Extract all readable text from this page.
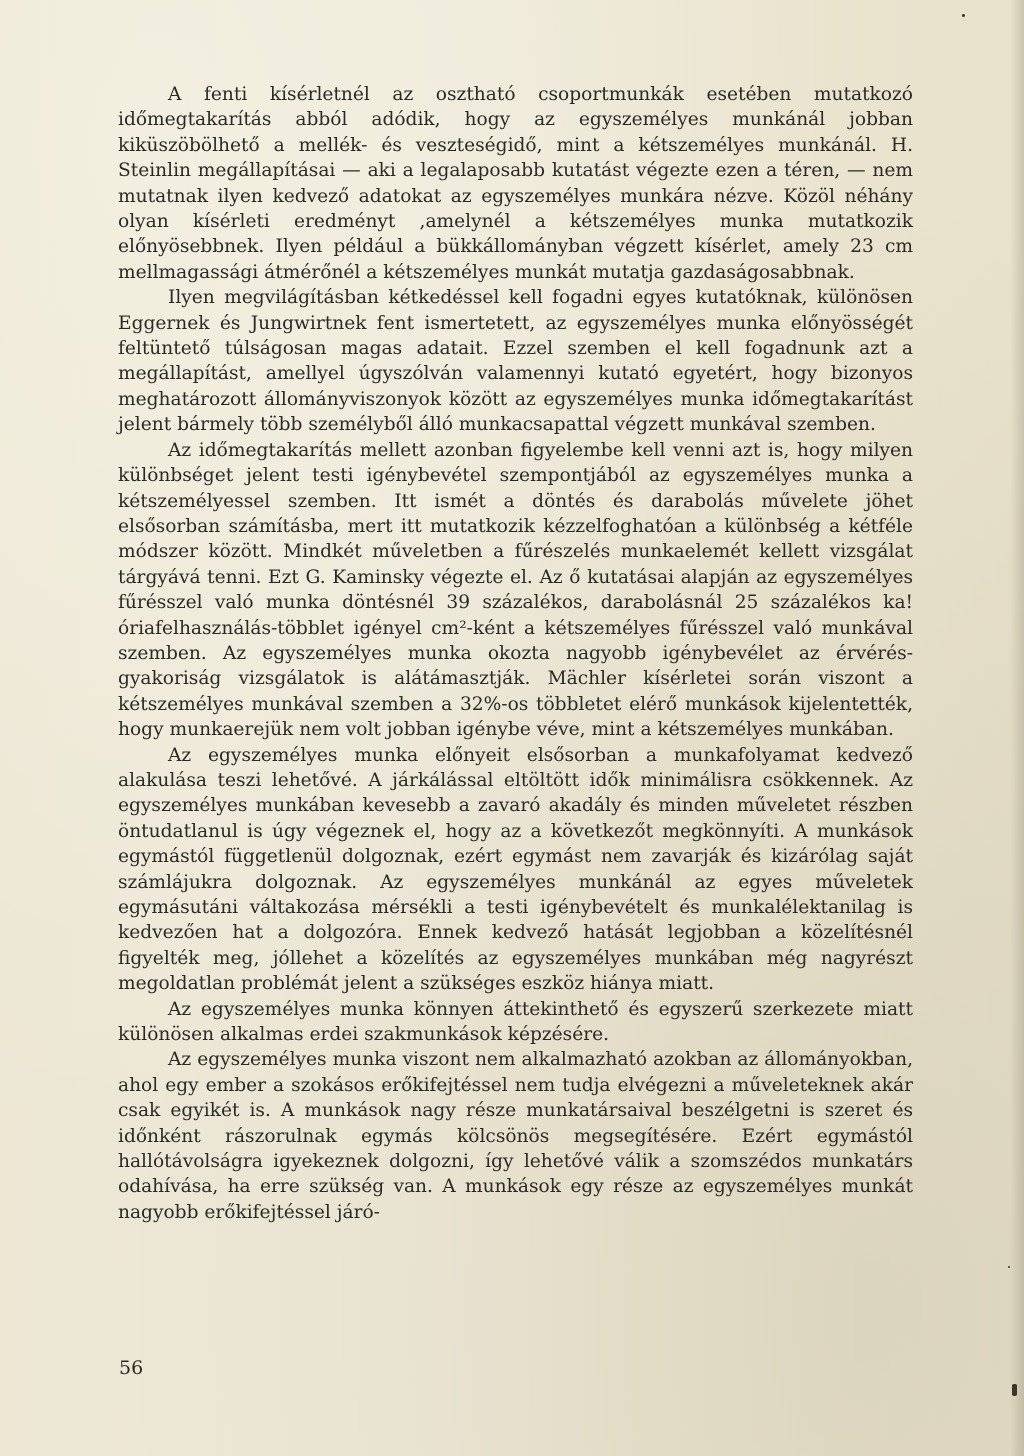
A fenti kísérletnél az osztható csoportmunkák esetében mutatkozó időmegtakarítás abból adódik, hogy az egyszemélyes munkánál jobban kiküszöbölhető a mellék- és veszteségidő, mint a kétszemélyes munkánál. H. Steinlin megállapításai — aki a legalaposabb kutatást végezte ezen a téren, — nem mutatnak ilyen kedvező adatokat az egyszemélyes munkára nézve. Közöl néhány olyan kísérleti eredményt ,amelynél a kétszemélyes munka mutatkozik előnyösebbnek. Ilyen például a bükkállományban végzett kísérlet, amely 23 cm mellmagassági átmérőnél a kétszemélyes munkát mutatja gazdaságosabbnak.

Ilyen megvilágításban kétkedéssel kell fogadni egyes kutatóknak, különösen Eggernek és Jungwirtnek fent ismertetett, az egyszemélyes munka előnyösségét feltüntető túlságosan magas adatait. Ezzel szemben el kell fogadnunk azt a megállapítást, amellyel úgyszólván valamennyi kutató egyetért, hogy bizonyos meghatározott állományviszonyok között az egyszemélyes munka időmegtakarítást jelent bármely több személyből álló munkacsapattal végzett munkával szemben.

Az időmegtakarítás mellett azonban figyelembe kell venni azt is, hogy milyen különbséget jelent testi igénybevétel szempontjából az egyszemélyes munka a kétszemélyessel szemben. Itt ismét a döntés és darabolás művelete jöhet elsősorban számításba, mert itt mutatkozik kézzelfoghatóan a különbség a kétféle módszer között. Mindkét műveletben a fűrészelés munkaelemét kellett vizsgálat tárgyává tenni. Ezt G. Kaminsky végezte el. Az ő kutatásai alapján az egyszemélyes fűrésszel való munka döntésnél 39 százalékos, darabolásnál 25 százalékos ka!óriafelhasználás-többlet igényel cm²-ként a kétszemélyes fűrésszel való munkával szemben. Az egyszemélyes munka okozta nagyobb igénybevélet az érvérés-gyakoriság vizsgálatok is alátámasztják. Mächler kísérletei során viszont a kétszemélyes munkával szemben a 32%-os többletet elérő munkások kijelentették, hogy munkaerejük nem volt jobban igénybe véve, mint a kétszemélyes munkában.

Az egyszemélyes munka előnyeit elsősorban a munkafolyamat kedvező alakulása teszi lehetővé. A járkálással eltöltött idők minimálisra csökkennek. Az egyszemélyes munkában kevesebb a zavaró akadály és minden műveletet részben öntudatlanul is úgy végeznek el, hogy az a következőt megkönnyíti. A munkások egymástól függetlenül dolgoznak, ezért egymást nem zavarják és kizárólag saját számlájukra dolgoznak. Az egyszemélyes munkánál az egyes műveletek egymásutáni váltakozása mérsékli a testi igénybevételt és munkalélektanilag is kedvezően hat a dolgozóra. Ennek kedvező hatását legjobban a közelítésnél figyelték meg, jóllehet a közelítés az egyszemélyes munkában még nagyrészt megoldatlan problémát jelent a szükséges eszköz hiánya miatt.

Az egyszemélyes munka könnyen áttekinthető és egyszerű szerkezete miatt különösen alkalmas erdei szakmunkások képzésére.

Az egyszemélyes munka viszont nem alkalmazható azokban az állományokban, ahol egy ember a szokásos erőkifejtéssel nem tudja elvégezni a műveleteknek akár csak egyikét is. A munkások nagy része munkatársaival beszélgetni is szeret és időnként rászorulnak egymás kölcsönös megsegítésére. Ezért egymástól hallótávolságra igyekeznek dolgozni, így lehetővé válik a szomszédos munkatárs odahívása, ha erre szükség van. A munkások egy része az egyszemélyes munkát nagyobb erőkifejtéssel járó-

56
